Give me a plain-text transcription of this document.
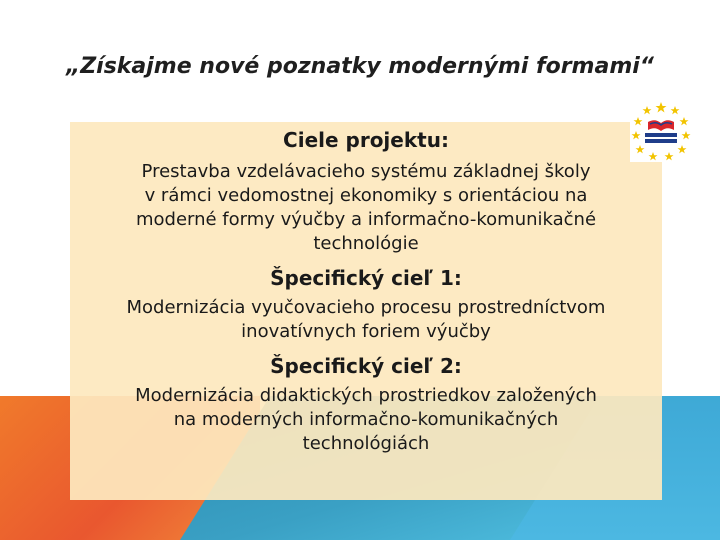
„Získajme nové poznatky modernými formami“

Ciele projektu:

Prestavba vzdelávacieho systému základnej školy

v rámci vedomostnej ekonomiky s orientáciou na

moderné formy výučby a informačno-komunikačné

technológie

Špecifický cieľ 1:

Modernizácia vyučovacieho procesu prostredníctvom

inovatívnych foriem výučby

Špecifický cieľ 2:

Modernizácia didaktických prostriedkov založených

na moderných informačno-komunikačných

technológiách
